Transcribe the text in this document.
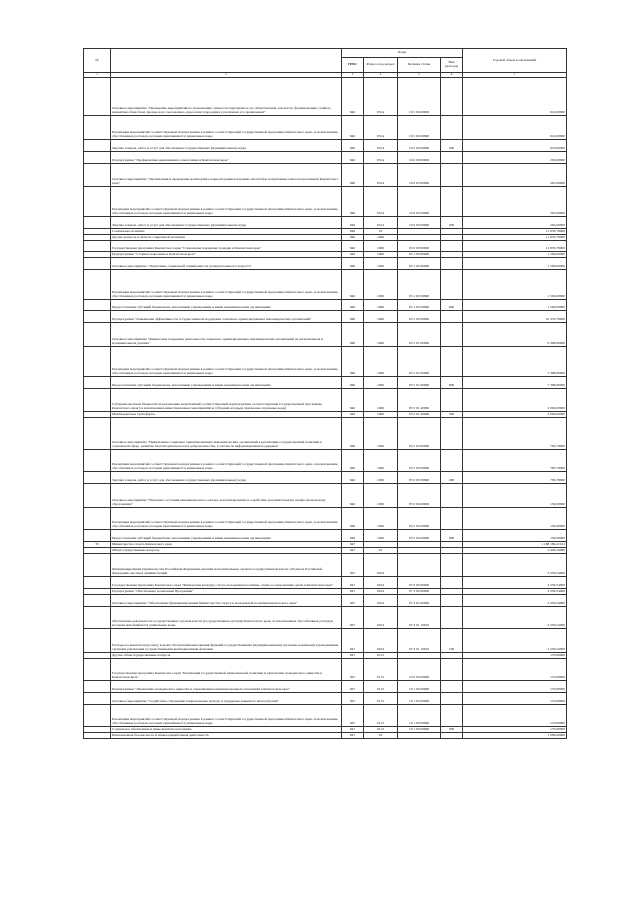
№		Коды				Годовой объем ассигнований
		ГРБС	Раздел, под-раздел	Целевая статья	Вид расходов	
1	2	3	4	5	6	7
	Основное мероприятие "Проведение мероприятий по разъяснению сущности терроризма и его общественной опасности, формированию стойкого неприятия обществом, прежде всего молодежью, идеологии терроризма в различных его проявлениях"	846	0314	16 5 04 00000		610,00000
	Реализация мероприятий соответствующей подпрограммы в рамках соответствующей государственной программы Камчатского края, за исключением обособленных расходов, которым присваиваются уникальные коды	846	0314	16 5 04 09990		610,00000
	Закупка товаров, работ и услуг для обеспечения государственных (муниципальных) нужд	846	0314	16 5 04 09990	200	610,00000
	Подпрограмма "Профилактика наркомании и алкоголизма в Камчатском крае"	846	0314	16 6 00 00000		265,00000
	Основное мероприятие "Организация и проведение мониторинга наркоситуации и изучение масштабов потребления алкоголя населением Камчатского края"	846	0314	16 6 03 00000		265,00000
	Реализация мероприятий соответствующей подпрограммы в рамках соответствующей государственной программы Камчатского края, за исключением обособленных расходов, которым присваиваются уникальные коды	846	0314	16 6 03 09990		265,00000
	Закупка товаров, работ и услуг для обеспечения государственных (муниципальных) нужд	846	0314	16 6 03 09990	200	265,00000
	Социальная политика	846	10			11 833,78000
	Другие вопросы в области социальной политики	846	1006			11 833,78000
	Государственная программа Камчатского края "Социальная поддержка граждан в Камчатском крае"	846	1006	05 0 00 00000		11 833,78000
	Подпрограмма "Старшее поколение в Камчатском крае"	846	1006	05 1 00 00000		1 500,00000
	Основное мероприятие "Укрепление социальной защищенности граждан пожилого возраста"	846	1006	05 1 02 00000		1 500,00000
	Реализация мероприятий соответствующей подпрограммы в рамках соответствующей государственной программы Камчатского края, за исключением обособленных расходов, которым присваиваются уникальные коды	846	1006	05 1 02 09990		1 500,00000
	Предоставление субсидий бюджетным, автономным учреждениям и иным некоммерческим организациям	846	1006	05 1 02 09990	600	1 500,00000
	Подпрограмма "Повышение эффективности государственной поддержки социально ориентированных некоммерческих организаций"	846	1006	05 5 00 00000		10 333,78000
	Основное мероприятие "Финансовая поддержка деятельности социально ориентированных некоммерческих организаций на региональном и муниципальном уровнях"	846	1006	05 5 01 00000		9 398,00000
	Реализация мероприятий соответствующей подпрограммы в рамках соответствующей государственной программы Камчатского края, за исключением обособленных расходов, которым присваиваются уникальные коды	846	1006	05 5 01 09990		7 398,00000
	Предоставление субсидий бюджетным, автономным учреждениям и иным некоммерческим организациям	846	1006	05 5 01 09990	600	7 398,00000
	Субсидии местным бюджетам на реализацию мероприятий соответствующей подпрограммы соответствующей государственной программы Камчатского края (за исключением инвестиционных мероприятий и субсидий, которым присвоены отдельные коды)	846	1006	05 5 01 40060		2 000,00000
	Межбюджетные трансферты	846	1006	05 5 01 40060	500	2 000,00000
	Основное мероприятие "Привлечение социально ориентированных некоммерческих организаций к реализации государственной политики в социальной сфере, развитие благотворительности и добровольчества, в том числе информационная поддержка"	846	1006	05 5 03 00000		785,78000
	Реализация мероприятий соответствующей подпрограммы в рамках соответствующей государственной программы Камчатского края, за исключением обособленных расходов, которым присваиваются уникальные коды	846	1006	05 5 03 09990		785,78000
	Закупка товаров, работ и услуг для обеспечения государственных (муниципальных) нужд	846	1006	05 5 03 09990	200	785,78000
	Основное мероприятие "Изучение состояния некоммерческого сектора, консультирование и содействие дополнительному профессиональному образованию"	846	1006	05 5 04 00000		150,00000
	Реализация мероприятий соответствующей подпрограммы в рамках соответствующей государственной программы Камчатского края, за исключением обособленных расходов, которым присваиваются уникальные коды	846	1006	05 5 04 09990		150,00000
	Предоставление субсидий бюджетным, автономным учреждениям и иным некоммерческим организациям	846	1006	05 5 04 09990	600	150,00000
35	Министерство спорта Камчатского края	847				1 188 189,21012
	Общегосударственные вопросы	847	01			3 429,54000
	Функционирование Правительства Российской Федерации, высших исполнительных органов государственной власти субъектов Российской Федерации, местных администраций	847	0104			3 259,54000
	Государственная программа Камчатского края "Физическая культура, спорт, молодежная политика, отдых и оздоровление детей в Камчатском крае"	847	0104	07 0 00 00000		3 259,54000
	Подпрограмма "Обеспечение реализации Программы"	847	0104	07 3 00 00000		3 259,54000
	Основное мероприятие "Обеспечение функционирования Министерства спорта и молодежной политики Камчатского края"	847	0104	07 3 01 00000		3 259,54000
	Обеспечение деятельности государственных органов власти (государственных органов) Камчатского края, за исключением обособленных расходов, которым присваиваются уникальные коды.	847	0104	07 3 01 10010		3 259,54000
	Расходы на выплаты персоналу в целях обеспечения выполнения функций государственными (муниципальными) органами, казенными учреждениями, органами управления государственными внебюджетными фондами	847	0104	07 3 01 10010	100	3 259,54000
	Другие общегосударственные вопросы	847	0113			170,00000
	Государственная программа Камчатского края "Реализация государственной национальной политики и укрепление гражданского единства в Камчатском крае"	847	0113	19 0 00 00000		170,00000
	Подпрограмма "Укрепление гражданского единства и гармонизация межнациональных отношений в Камчатском крае"	847	0113	19 1 00 00000		170,00000
	Основное мероприятие "Содействие сохранению национальных культур и поддержка языкового многообразия"	847	0113	19 1 03 00000		170,00000
	Реализация мероприятий соответствующей подпрограммы в рамках соответствующей государственной программы Камчатского края, за исключением обособленных расходов, которым присваиваются уникальные коды	847	0113	19 1 03 09990		170,00000
	Социальное обеспечение и иные выплаты населению	847	0113	19 1 03 09990	300	170,00000
	Национальная безопасность и правоохранительная деятельность	847	03			1 080,00000
